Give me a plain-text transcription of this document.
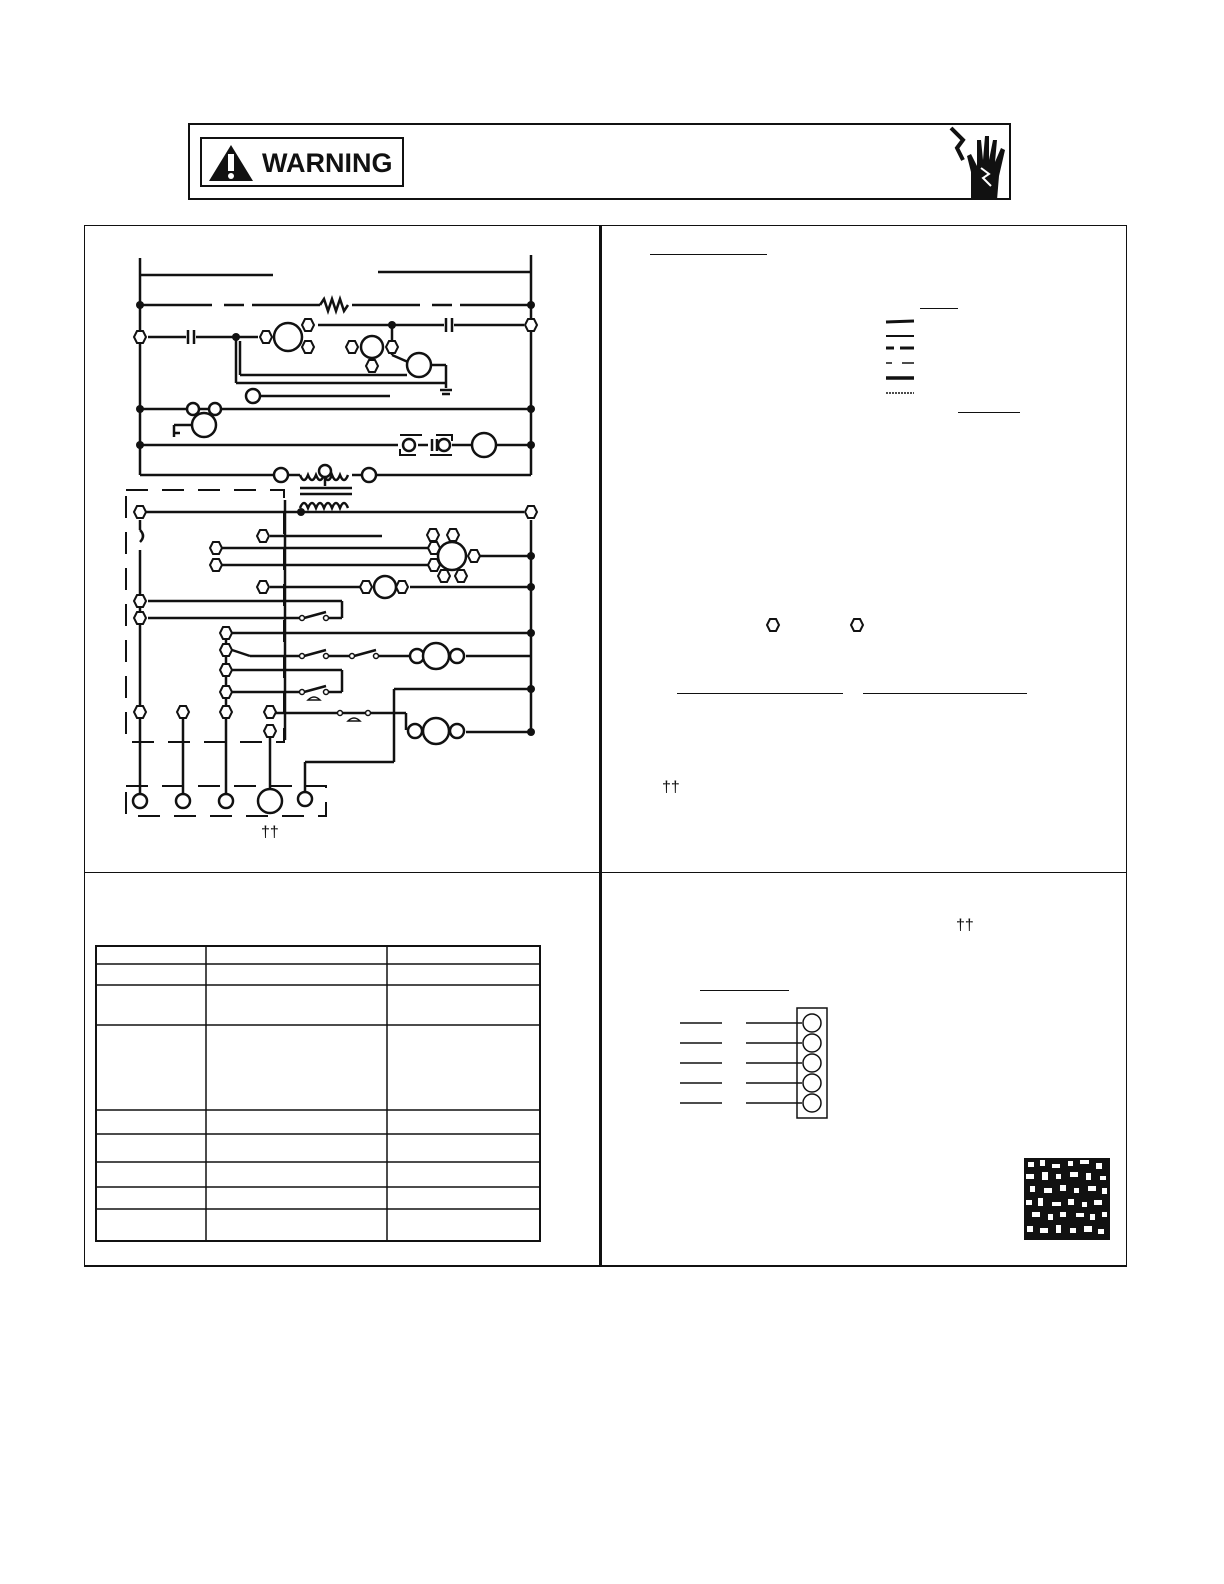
WARNING
††
††
††
